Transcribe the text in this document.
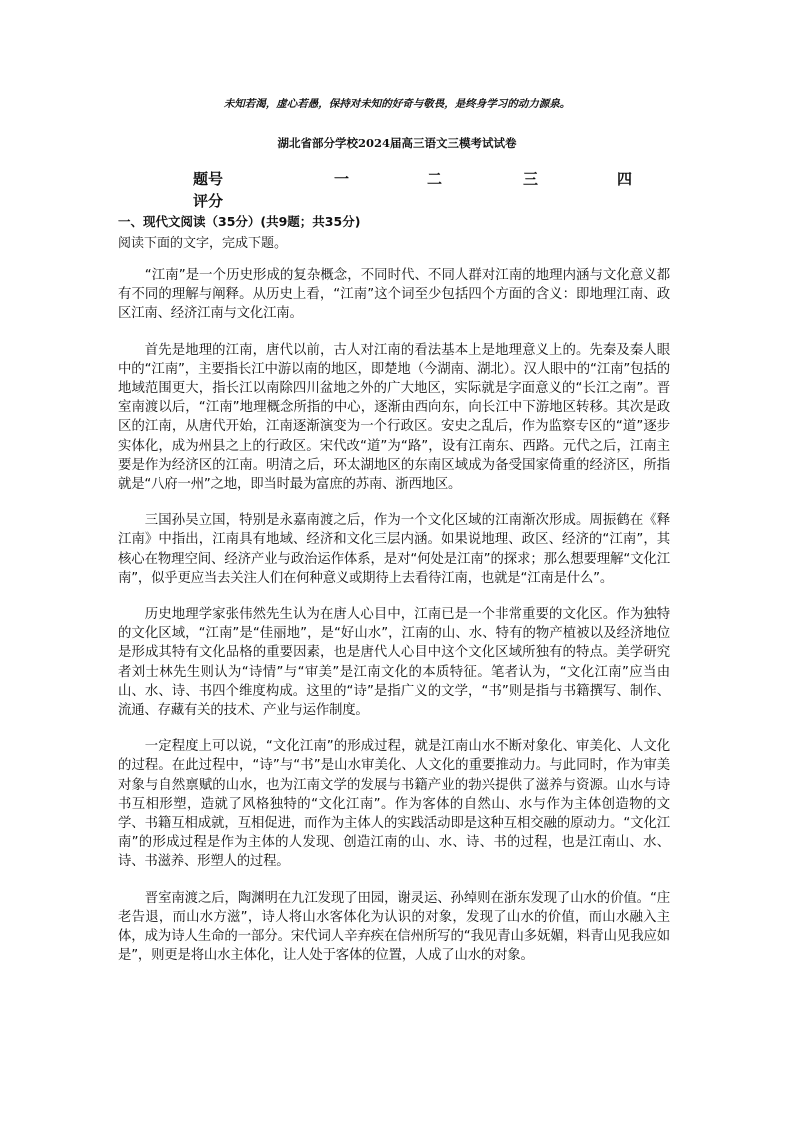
未知若渴，虚心若愚，保持对未知的好奇与敬畏，是终身学习的动力源泉。
湖北省部分学校2024届高三语文三模考试试卷
题号	一	二	三	四
评分
一、现代文阅读（35分）(共9题；共35分)
阅读下面的文字，完成下题。

“江南”是一个历史形成的复杂概念，不同时代、不同人群对江南的地理内涵与文化意义都有不同的理解与阐释。从历史上看，“江南”这个词至少包括四个方面的含义：即地理江南、政区江南、经济江南与文化江南。

首先是地理的江南，唐代以前，古人对江南的看法基本上是地理意义上的。先秦及秦人眼中的“江南”，主要指长江中游以南的地区，即楚地（今湖南、湖北）。汉人眼中的“江南”包括的地域范围更大，指长江以南除四川盆地之外的广大地区，实际就是字面意义的“长江之南”。晋室南渡以后，“江南”地理概念所指的中心，逐渐由西向东，向长江中下游地区转移。其次是政区的江南，从唐代开始，江南逐渐演变为一个行政区。安史之乱后，作为监察专区的“道”逐步实体化，成为州县之上的行政区。宋代改“道”为“路”，设有江南东、西路。元代之后，江南主要是作为经济区的江南。明清之后，环太湖地区的东南区域成为备受国家倚重的经济区，所指就是“八府一州”之地，即当时最为富庶的苏南、浙西地区。

三国孙吴立国，特别是永嘉南渡之后，作为一个文化区域的江南渐次形成。周振鹤在《释江南》中指出，江南具有地域、经济和文化三层内涵。如果说地理、政区、经济的“江南”，其核心在物理空间、经济产业与政治运作体系，是对“何处是江南”的探求；那么想要理解“文化江南”，似乎更应当去关注人们在何种意义或期待上去看待江南，也就是“江南是什么”。

历史地理学家张伟然先生认为在唐人心目中，江南已是一个非常重要的文化区。作为独特的文化区域，“江南”是“佳丽地”，是“好山水”，江南的山、水、特有的物产植被以及经济地位是形成其特有文化品格的重要因素，也是唐代人心目中这个文化区域所独有的特点。美学研究者刘士林先生则认为“诗情”与“审美”是江南文化的本质特征。笔者认为，“文化江南”应当由山、水、诗、书四个维度构成。这里的“诗”是指广义的文学，“书”则是指与书籍撰写、制作、流通、存藏有关的技术、产业与运作制度。

一定程度上可以说，“文化江南”的形成过程，就是江南山水不断对象化、审美化、人文化的过程。在此过程中，“诗”与“书”是山水审美化、人文化的重要推动力。与此同时，作为审美对象与自然禀赋的山水，也为江南文学的发展与书籍产业的勃兴提供了滋养与资源。山水与诗书互相形塑，造就了风格独特的“文化江南”。作为客体的自然山、水与作为主体创造物的文学、书籍互相成就，互相促进，而作为主体人的实践活动即是这种互相交融的原动力。“文化江南”的形成过程是作为主体的人发现、创造江南的山、水、诗、书的过程，也是江南山、水、诗、书滋养、形塑人的过程。

晋室南渡之后，陶渊明在九江发现了田园，谢灵运、孙绰则在浙东发现了山水的价值。“庄老告退，而山水方滋”，诗人将山水客体化为认识的对象，发现了山水的价值，而山水融入主体，成为诗人生命的一部分。宋代词人辛弃疾在信州所写的“我见青山多妩媚，料青山见我应如是”，则更是将山水主体化，让人处于客体的位置，人成了山水的对象。
